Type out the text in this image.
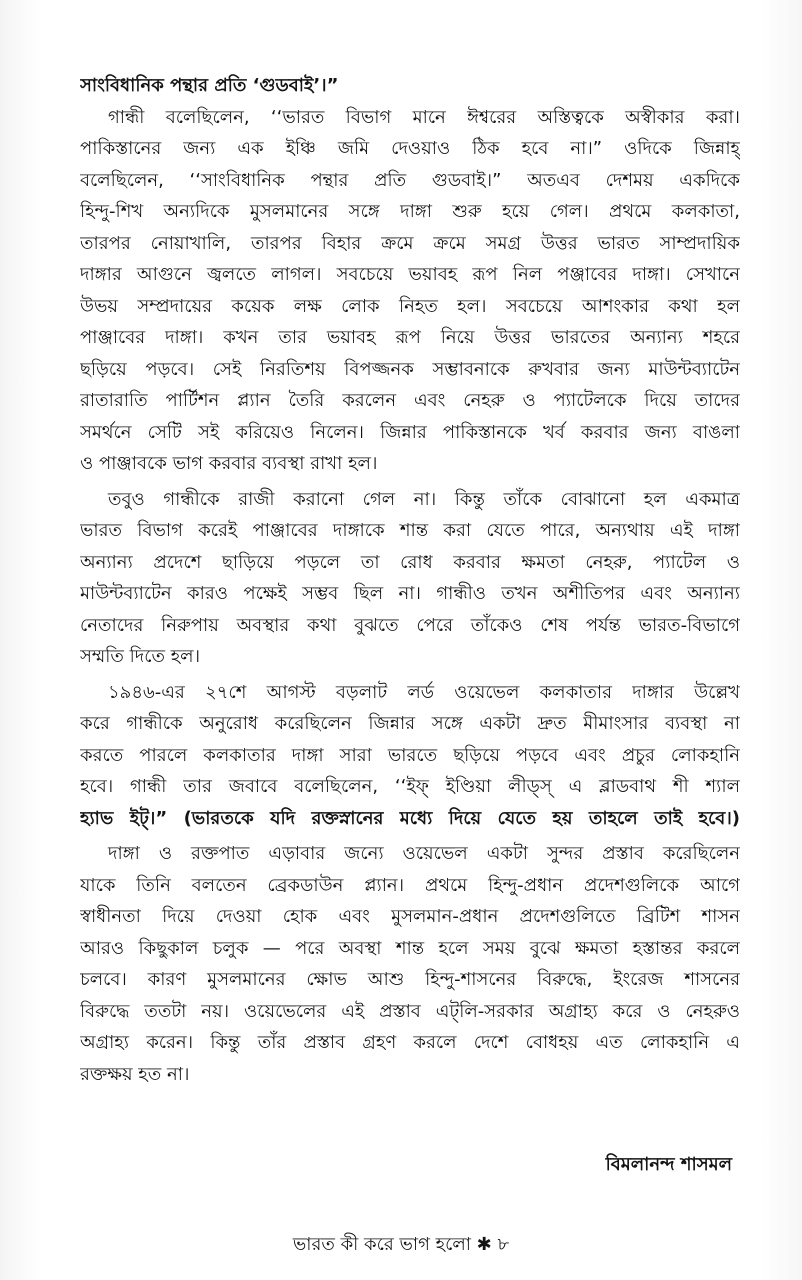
সাংবিধানিক পন্থার প্রতি ‘গুডবাই’।”
গান্ধী বলেছিলেন, ‘‘ভারত বিভাগ মানে ঈশ্বরের অস্তিত্বকে অস্বীকার করা।
পাকিস্তানের জন্য এক ইঞ্চি জমি দেওয়াও ঠিক হবে না।” ওদিকে জিন্নাহ্
বলেছিলেন, ‘‘সাংবিধানিক পন্থার প্রতি গুডবাই।” অতএব দেশময় একদিকে
হিন্দু-শিখ অন্যদিকে মুসলমানের সঙ্গে দাঙ্গা শুরু হয়ে গেল। প্রথমে কলকাতা,
তারপর নোয়াখালি, তারপর বিহার ক্রমে ক্রমে সমগ্র উত্তর ভারত সাম্প্রদায়িক
দাঙ্গার আগুনে জ্বলতে লাগল। সবচেয়ে ভয়াবহ রূপ নিল পঞ্জাবের দাঙ্গা। সেখানে
উভয় সম্প্রদায়ের কয়েক লক্ষ লোক নিহত হল। সবচেয়ে আশংকার কথা হল
পাঞ্জাবের দাঙ্গা। কখন তার ভয়াবহ রূপ নিয়ে উত্তর ভারতের অন্যান্য শহরে
ছড়িয়ে পড়বে। সেই নিরতিশয় বিপজ্জনক সম্ভাবনাকে রুখবার জন্য মাউন্টব্যাটেন
রাতারাতি পার্টিশন প্ল্যান তৈরি করলেন এবং নেহরু ও প্যাটেলকে দিয়ে তাদের
সমর্থনে সেটি সই করিয়েও নিলেন। জিন্নার পাকিস্তানকে খর্ব করবার জন্য বাঙলা
ও পাঞ্জাবকে ভাগ করবার ব্যবস্থা রাখা হল।
তবুও গান্ধীকে রাজী করানো গেল না। কিন্তু তাঁকে বোঝানো হল একমাত্র
ভারত বিভাগ করেই পাঞ্জাবের দাঙ্গাকে শান্ত করা যেতে পারে, অন্যথায় এই দাঙ্গা
অন্যান্য প্রদেশে ছাড়িয়ে পড়লে তা রোধ করবার ক্ষমতা নেহরু, প্যাটেল ও
মাউন্টব্যাটেন কারও পক্ষেই সম্ভব ছিল না। গান্ধীও তখন অশীতিপর এবং অন্যান্য
নেতাদের নিরুপায় অবস্থার কথা বুঝতে পেরে তাঁকেও শেষ পর্যন্ত ভারত-বিভাগে
সম্মতি দিতে হল।
১৯৪৬-এর ২৭শে আগস্ট বড়লাট লর্ড ওয়েভেল কলকাতার দাঙ্গার উল্লেখ
করে গান্ধীকে অনুরোধ করেছিলেন জিন্নার সঙ্গে একটা দ্রুত মীমাংসার ব্যবস্থা না
করতে পারলে কলকাতার দাঙ্গা সারা ভারতে ছড়িয়ে পড়বে এবং প্রচুর লোকহানি
হবে। গান্ধী তার জবাবে বলেছিলেন, ‘‘ইফ্ ইণ্ডিয়া লীড্স্ এ ব্লাডবাথ শী শ্যাল
হ্যাভ ইট্।” (ভারতকে যদি রক্তস্নানের মধ্যে দিয়ে যেতে হয় তাহলে তাই হবে।)
দাঙ্গা ও রক্তপাত এড়াবার জন্যে ওয়েভেল একটা সুন্দর প্রস্তাব করেছিলেন
যাকে তিনি বলতেন ব্রেকডাউন প্ল্যান। প্রথমে হিন্দু-প্রধান প্রদেশগুলিকে আগে
স্বাধীনতা দিয়ে দেওয়া হোক এবং মুসলমান-প্রধান প্রদেশগুলিতে ব্রিটিশ শাসন
আরও কিছুকাল চলুক — পরে অবস্থা শান্ত হলে সময় বুঝে ক্ষমতা হস্তান্তর করলে
চলবে। কারণ মুসলমানের ক্ষোভ আশু হিন্দু-শাসনের বিরুদ্ধে, ইংরেজ শাসনের
বিরুদ্ধে ততটা নয়। ওয়েভেলের এই প্রস্তাব এট্‌লি-সরকার অগ্রাহ্য করে ও নেহরুও
অগ্রাহ্য করেন। কিন্তু তাঁর প্রস্তাব গ্রহণ করলে দেশে বোধহয় এত লোকহানি এ
রক্তক্ষয় হত না।
বিমলানন্দ শাসমল
ভারত কী করে ভাগ হলো ✱ ৮
